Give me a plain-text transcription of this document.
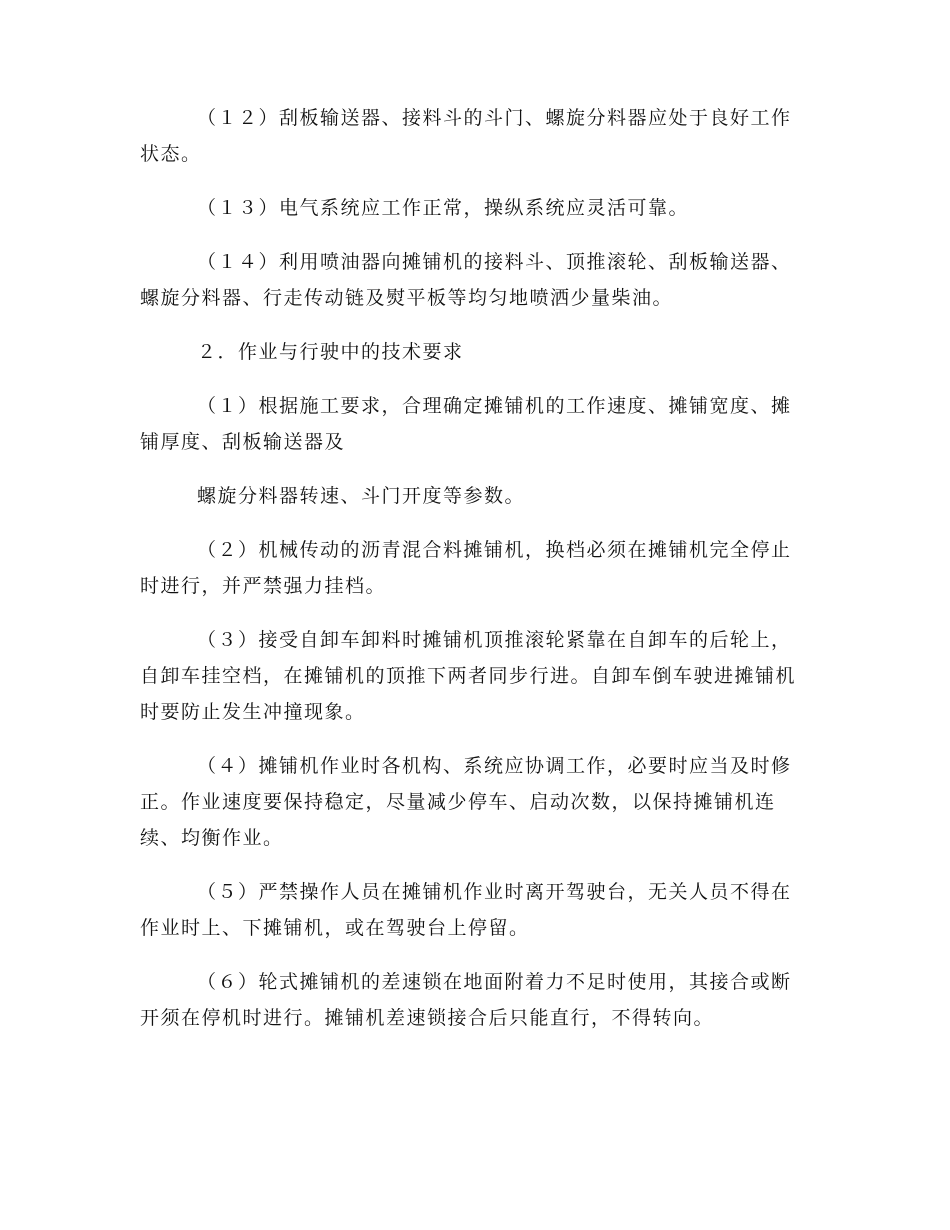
（１２）刮板输送器、接料斗的斗门、螺旋分料器应处于良好工作状态。

（１３）电气系统应工作正常，操纵系统应灵活可靠。

（１４）利用喷油器向摊铺机的接料斗、顶推滚轮、刮板输送器、螺旋分料器、行走传动链及熨平板等均匀地喷洒少量柴油。

２．作业与行驶中的技术要求

（１）根据施工要求，合理确定摊铺机的工作速度、摊铺宽度、摊铺厚度、刮板输送器及

螺旋分料器转速、斗门开度等参数。

（２）机械传动的沥青混合料摊铺机，换档必须在摊铺机完全停止时进行，并严禁强力挂档。

（３）接受自卸车卸料时摊铺机顶推滚轮紧靠在自卸车的后轮上，自卸车挂空档，在摊铺机的顶推下两者同步行进。自卸车倒车驶进摊铺机时要防止发生冲撞现象。

（４）摊铺机作业时各机构、系统应协调工作，必要时应当及时修正。作业速度要保持稳定，尽量减少停车、启动次数，以保持摊铺机连续、均衡作业。

（５）严禁操作人员在摊铺机作业时离开驾驶台，无关人员不得在作业时上、下摊铺机，或在驾驶台上停留。

（６）轮式摊铺机的差速锁在地面附着力不足时使用，其接合或断开须在停机时进行。摊铺机差速锁接合后只能直行，不得转向。
